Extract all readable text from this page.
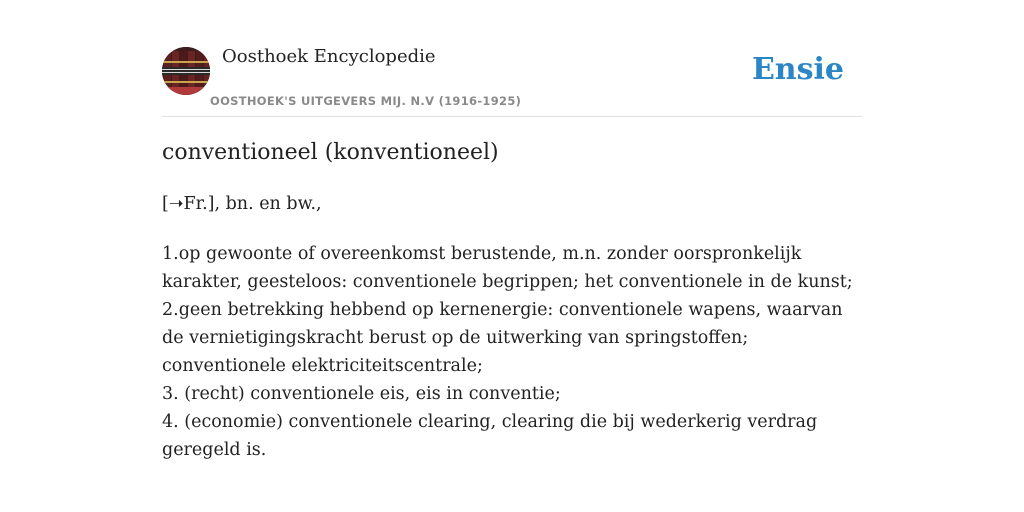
Oosthoek Encyclopedie
OOSTHOEK'S UITGEVERS MIJ. N.V (1916-1925)
Ensie
conventioneel (konventioneel)

[➝Fr.], bn. en bw.,

1.op gewoonte of overeenkomst berustende, m.n. zonder oorspronkelijk karakter, geesteloos: conventionele begrippen; het conventionele in de kunst;
2.geen betrekking hebbend op kernenergie: conventionele wapens, waarvan de vernietigingskracht berust op de uitwerking van springstoffen; conventionele elektriciteitscentrale;
3. (recht) conventionele eis, eis in conventie;
4. (economie) conventionele clearing, clearing die bij wederkerig verdrag geregeld is.
